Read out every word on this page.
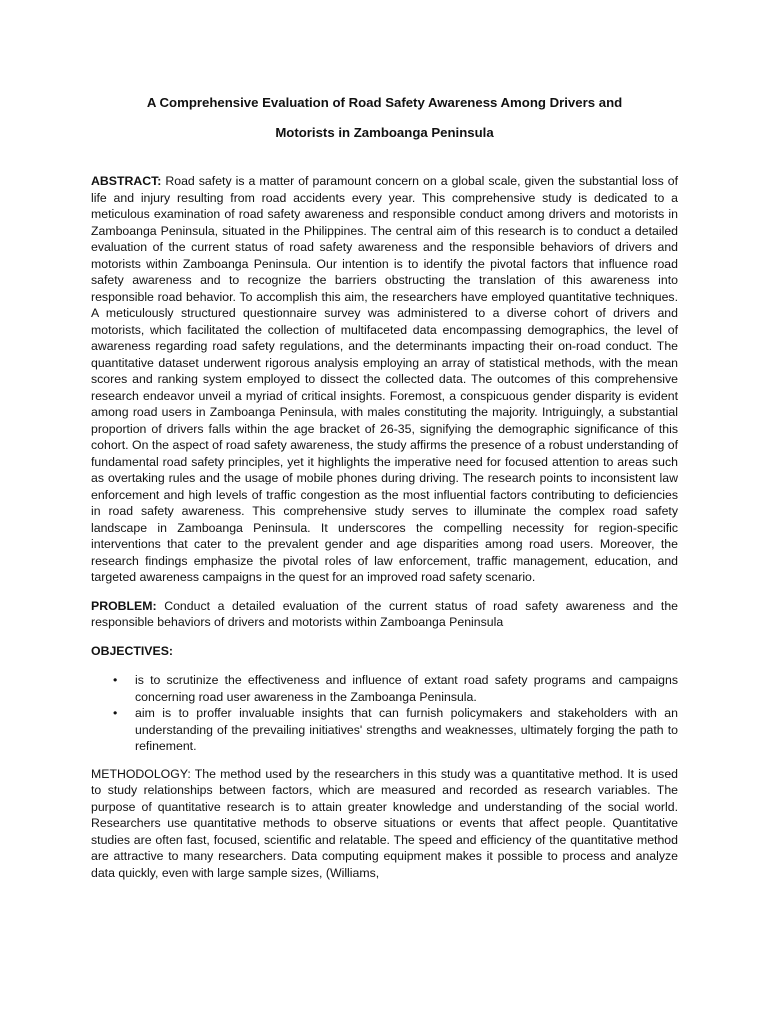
A Comprehensive Evaluation of Road Safety Awareness Among Drivers and
Motorists in Zamboanga Peninsula

ABSTRACT: Road safety is a matter of paramount concern on a global scale, given the substantial loss of life and injury resulting from road accidents every year. This comprehensive study is dedicated to a meticulous examination of road safety awareness and responsible conduct among drivers and motorists in Zamboanga Peninsula, situated in the Philippines. The central aim of this research is to conduct a detailed evaluation of the current status of road safety awareness and the responsible behaviors of drivers and motorists within Zamboanga Peninsula. Our intention is to identify the pivotal factors that influence road safety awareness and to recognize the barriers obstructing the translation of this awareness into responsible road behavior. To accomplish this aim, the researchers have employed quantitative techniques. A meticulously structured questionnaire survey was administered to a diverse cohort of drivers and motorists, which facilitated the collection of multifaceted data encompassing demographics, the level of awareness regarding road safety regulations, and the determinants impacting their on-road conduct. The quantitative dataset underwent rigorous analysis employing an array of statistical methods, with the mean scores and ranking system employed to dissect the collected data. The outcomes of this comprehensive research endeavor unveil a myriad of critical insights. Foremost, a conspicuous gender disparity is evident among road users in Zamboanga Peninsula, with males constituting the majority. Intriguingly, a substantial proportion of drivers falls within the age bracket of 26-35, signifying the demographic significance of this cohort. On the aspect of road safety awareness, the study affirms the presence of a robust understanding of fundamental road safety principles, yet it highlights the imperative need for focused attention to areas such as overtaking rules and the usage of mobile phones during driving. The research points to inconsistent law enforcement and high levels of traffic congestion as the most influential factors contributing to deficiencies in road safety awareness. This comprehensive study serves to illuminate the complex road safety landscape in Zamboanga Peninsula. It underscores the compelling necessity for region-specific interventions that cater to the prevalent gender and age disparities among road users. Moreover, the research findings emphasize the pivotal roles of law enforcement, traffic management, education, and targeted awareness campaigns in the quest for an improved road safety scenario.

PROBLEM: Conduct a detailed evaluation of the current status of road safety awareness and the responsible behaviors of drivers and motorists within Zamboanga Peninsula

OBJECTIVES:

• is to scrutinize the effectiveness and influence of extant road safety programs and campaigns concerning road user awareness in the Zamboanga Peninsula.
• aim is to proffer invaluable insights that can furnish policymakers and stakeholders with an understanding of the prevailing initiatives' strengths and weaknesses, ultimately forging the path to refinement.

METHODOLOGY: The method used by the researchers in this study was a quantitative method. It is used to study relationships between factors, which are measured and recorded as research variables. The purpose of quantitative research is to attain greater knowledge and understanding of the social world. Researchers use quantitative methods to observe situations or events that affect people. Quantitative studies are often fast, focused, scientific and relatable. The speed and efficiency of the quantitative method are attractive to many researchers. Data computing equipment makes it possible to process and analyze data quickly, even with large sample sizes, (Williams,
